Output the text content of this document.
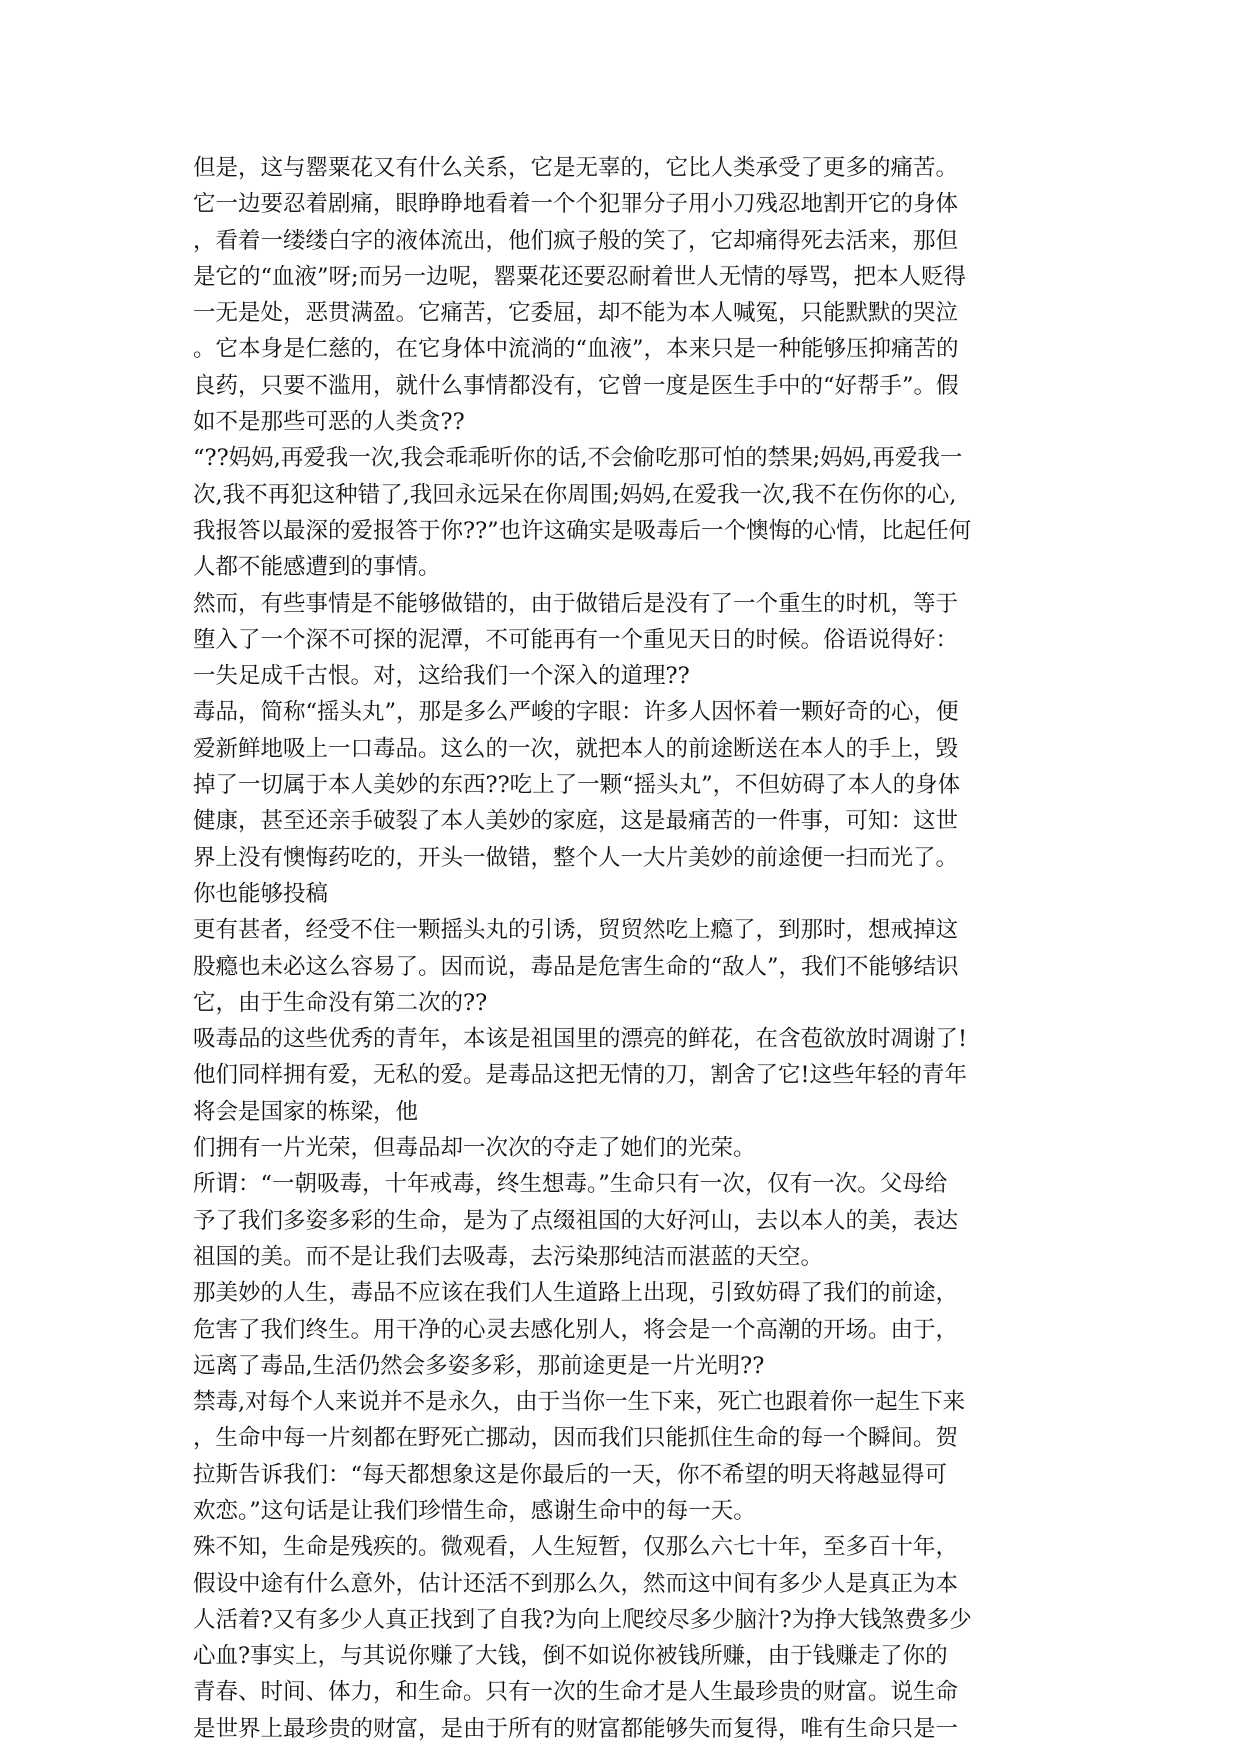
但是，这与罂粟花又有什么关系，它是无辜的，它比人类承受了更多的痛苦。
它一边要忍着剧痛，眼睁睁地看着一个个犯罪分子用小刀残忍地割开它的身体
，看着一缕缕白字的液体流出，他们疯子般的笑了，它却痛得死去活来，那但
是它的“血液”呀;而另一边呢，罂粟花还要忍耐着世人无情的辱骂，把本人贬得
一无是处，恶贯满盈。它痛苦，它委屈，却不能为本人喊冤，只能默默的哭泣
。它本身是仁慈的，在它身体中流淌的“血液”，本来只是一种能够压抑痛苦的
良药，只要不滥用，就什么事情都没有，它曾一度是医生手中的“好帮手”。假
如不是那些可恶的人类贪??
“??妈妈,再爱我一次,我会乖乖听你的话,不会偷吃那可怕的禁果;妈妈,再爱我一
次,我不再犯这种错了,我回永远呆在你周围;妈妈,在爱我一次,我不在伤你的心,
我报答以最深的爱报答于你??”也许这确实是吸毒后一个懊悔的心情，比起任何
人都不能感遭到的事情。
然而，有些事情是不能够做错的，由于做错后是没有了一个重生的时机，等于
堕入了一个深不可探的泥潭，不可能再有一个重见天日的时候。俗语说得好：
一失足成千古恨。对，这给我们一个深入的道理??
毒品，简称“摇头丸”，那是多么严峻的字眼：许多人因怀着一颗好奇的心，便
爱新鲜地吸上一口毒品。这么的一次，就把本人的前途断送在本人的手上，毁
掉了一切属于本人美妙的东西??吃上了一颗“摇头丸”，不但妨碍了本人的身体
健康，甚至还亲手破裂了本人美妙的家庭，这是最痛苦的一件事，可知：这世
界上没有懊悔药吃的，开头一做错，整个人一大片美妙的前途便一扫而光了。
你也能够投稿
更有甚者，经受不住一颗摇头丸的引诱，贸贸然吃上瘾了，到那时，想戒掉这
股瘾也未必这么容易了。因而说，毒品是危害生命的“敌人”，我们不能够结识
它，由于生命没有第二次的??
吸毒品的这些优秀的青年，本该是祖国里的漂亮的鲜花，在含苞欲放时凋谢了!
他们同样拥有爱，无私的爱。是毒品这把无情的刀，割舍了它!这些年轻的青年
将会是国家的栋梁，他
们拥有一片光荣，但毒品却一次次的夺走了她们的光荣。
所谓：“一朝吸毒，十年戒毒，终生想毒。”生命只有一次，仅有一次。父母给
予了我们多姿多彩的生命，是为了点缀祖国的大好河山，去以本人的美，表达
祖国的美。而不是让我们去吸毒，去污染那纯洁而湛蓝的天空。
那美妙的人生，毒品不应该在我们人生道路上出现，引致妨碍了我们的前途，
危害了我们终生。用干净的心灵去感化别人，将会是一个高潮的开场。由于，
远离了毒品,生活仍然会多姿多彩，那前途更是一片光明??
禁毒,对每个人来说并不是永久，由于当你一生下来，死亡也跟着你一起生下来
，生命中每一片刻都在野死亡挪动，因而我们只能抓住生命的每一个瞬间。贺
拉斯告诉我们：“每天都想象这是你最后的一天，你不希望的明天将越显得可
欢恋。”这句话是让我们珍惜生命，感谢生命中的每一天。
殊不知，生命是残疾的。微观看，人生短暂，仅那么六七十年，至多百十年，
假设中途有什么意外，估计还活不到那么久，然而这中间有多少人是真正为本
人活着?又有多少人真正找到了自我?为向上爬绞尽多少脑汁?为挣大钱煞费多少
心血?事实上，与其说你赚了大钱，倒不如说你被钱所赚，由于钱赚走了你的
青春、时间、体力，和生命。只有一次的生命才是人生最珍贵的财富。说生命
是世界上最珍贵的财富，是由于所有的财富都能够失而复得，唯有生命只是一
